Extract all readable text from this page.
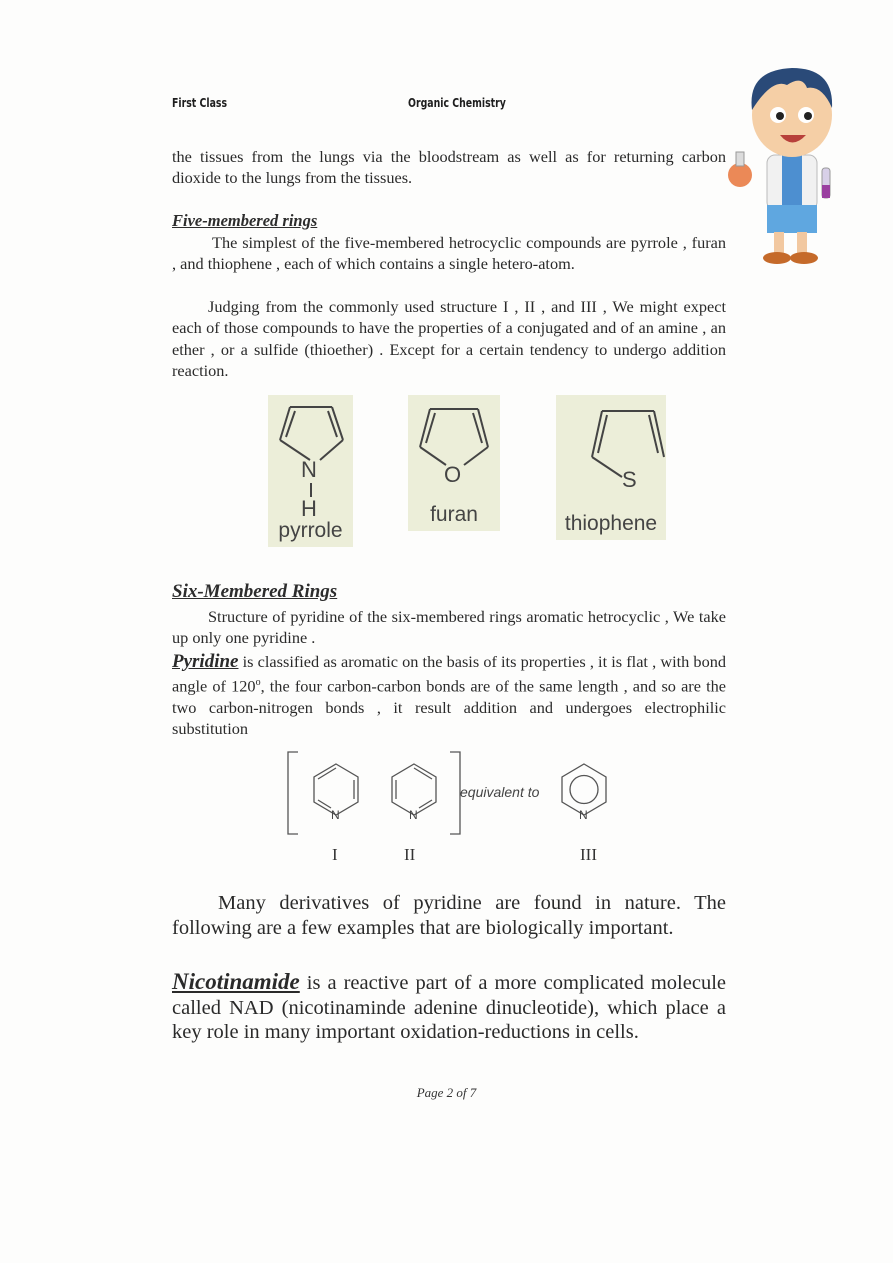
First Class	Organic Chemistry

the tissues from the lungs via the bloodstream as well as for returning carbon dioxide to the lungs from the tissues.

Five-membered rings

The simplest of the five-membered hetrocyclic compounds are pyrrole , furan , and thiophene , each of which contains a single hetero-atom.

Judging from the commonly used structure I , II , and III , We might expect each of those compounds to have the properties of a conjugated and of an amine , an ether , or a sulfide (thioether) . Except for a certain tendency to undergo addition reaction.

N
H
pyrrole
O
furan
S
thiophene

Six-Membered Rings

Structure of pyridine of the six-membered rings aromatic hetrocyclic , We take up only one pyridine .

Pyridine is classified as aromatic on the basis of its properties , it is flat , with bond angle of 120$^o$, the four carbon-carbon bonds are of the same length , and so are the two carbon-nitrogen bonds , it result addition and undergoes electrophilic substitution

equivalent to
N	N	N
I	II	III

Many derivatives of pyridine are found in nature. The following are a few examples that are biologically important.

Nicotinamide is a reactive part of a more complicated molecule called NAD (nicotinaminde adenine dinucleotide), which place a key role in many important oxidation-reductions in cells.

Page 2 of 7
